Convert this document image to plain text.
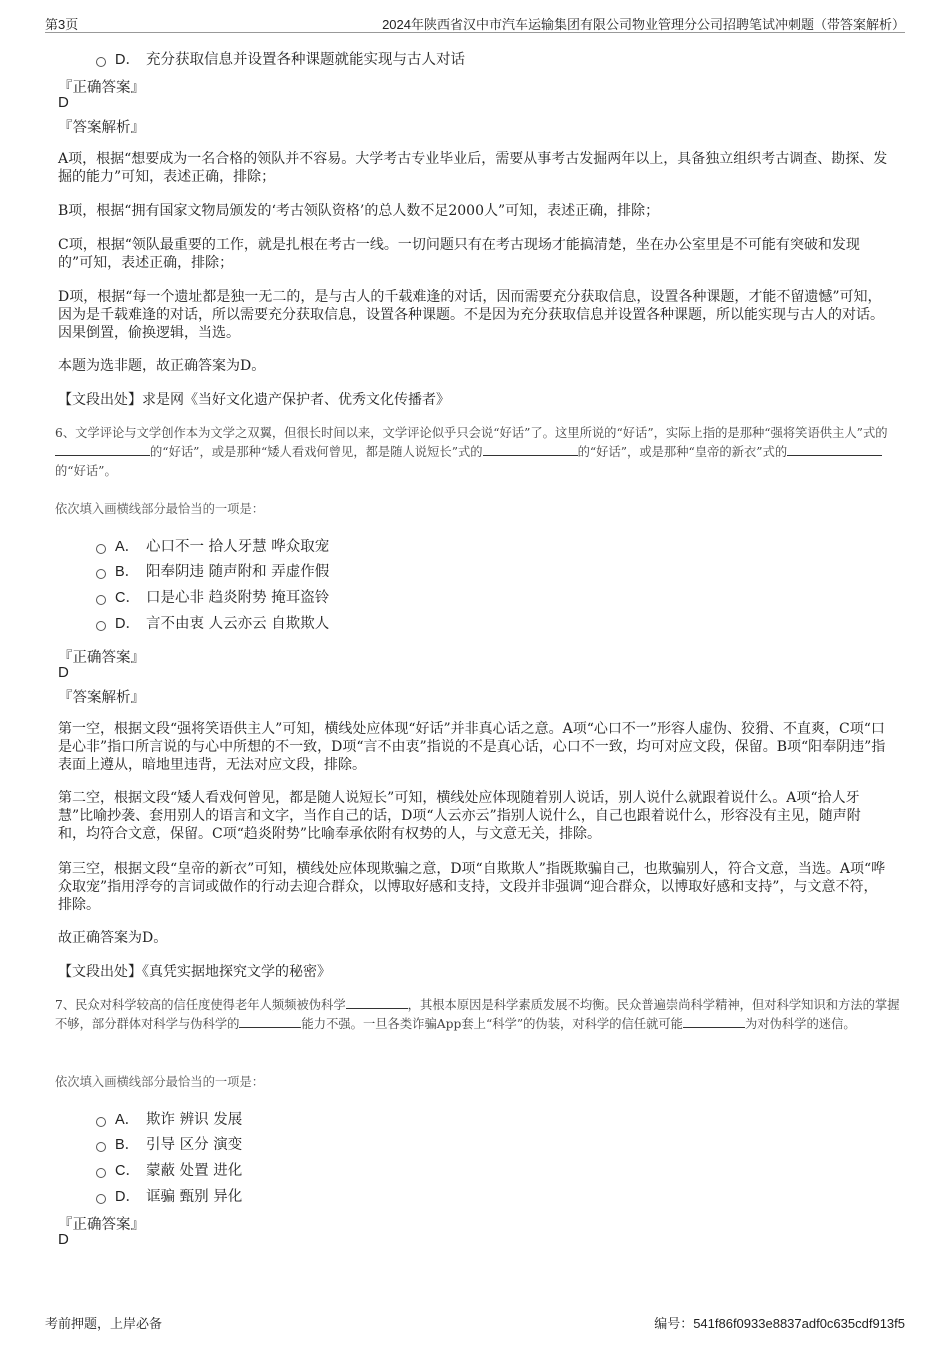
第3页	2024年陕西省汉中市汽车运输集团有限公司物业管理分公司招聘笔试冲刺题（带答案解析）
D． 充分获取信息并设置各种课题就能实现与古人对话
『正确答案』
D
『答案解析』
A项，根据“想要成为一名合格的领队并不容易。大学考古专业毕业后，需要从事考古发掘两年以上，具备独立组织考古调查、勘探、发掘的能力”可知，表述正确，排除；
B项，根据“拥有国家文物局颁发的‘考古领队资格’的总人数不足2000人”可知，表述正确，排除；
C项，根据“领队最重要的工作，就是扎根在考古一线。一切问题只有在考古现场才能搞清楚，坐在办公室里是不可能有突破和发现的”可知，表述正确，排除；
D项，根据“每一个遗址都是独一无二的，是与古人的千载难逢的对话，因而需要充分获取信息，设置各种课题，才能不留遗憾”可知，因为是千载难逢的对话，所以需要充分获取信息，设置各种课题。不是因为充分获取信息并设置各种课题，所以能实现与古人的对话。因果倒置，偷换逻辑，当选。
本题为选非题，故正确答案为D。
【文段出处】求是网《当好文化遗产保护者、优秀文化传播者》
6、文学评论与文学创作本为文学之双翼，但很长时间以来，文学评论似乎只会说“好话”了。这里所说的“好话”，实际上指的是那种“强将笑语供主人”式的的“好话”，或是那种“矮人看戏何曾见，都是随人说短长”式的	的“好话”，或是那种“皇帝的新衣”式的的“好话”。
依次填入画横线部分最恰当的一项是：
A． 心口不一 拾人牙慧 哗众取宠
B． 阳奉阴违 随声附和 弄虚作假
C． 口是心非 趋炎附势 掩耳盗铃
D． 言不由衷 人云亦云 自欺欺人
『正确答案』
D
『答案解析』
第一空，根据文段“强将笑语供主人”可知，横线处应体现“好话”并非真心话之意。A项“心口不一”形容人虚伪、狡猾、不直爽，C项“口是心非”指口所言说的与心中所想的不一致，D项“言不由衷”指说的不是真心话，心口不一致，均可对应文段，保留。B项“阳奉阴违”指表面上遵从，暗地里违背，无法对应文段，排除。
第二空，根据文段“矮人看戏何曾见，都是随人说短长”可知，横线处应体现随着别人说话，别人说什么就跟着说什么。A项“拾人牙慧”比喻抄袭、套用别人的语言和文字，当作自己的话，D项“人云亦云”指别人说什么，自己也跟着说什么，形容没有主见，随声附和，均符合文意，保留。C项“趋炎附势”比喻奉承依附有权势的人，与文意无关，排除。
第三空，根据文段“皇帝的新衣”可知，横线处应体现欺骗之意，D项“自欺欺人”指既欺骗自己，也欺骗别人，符合文意，当选。A项“哗众取宠”指用浮夸的言词或做作的行动去迎合群众，以博取好感和支持，文段并非强调“迎合群众，以博取好感和支持”，与文意不符，排除。
故正确答案为D。
【文段出处】《真凭实据地探究文学的秘密》
7、民众对科学较高的信任度使得老年人频频被伪科学	，其根本原因是科学素质发展不均衡。民众普遍崇尚科学精神，但对科学知识和方法的掌握不够，部分群体对科学与伪科学的	能力不强。一旦各类诈骗App套上“科学”的伪装，对科学的信任就可能	为对伪科学的迷信。
依次填入画横线部分最恰当的一项是：
A． 欺诈 辨识 发展
B． 引导 区分 演变
C． 蒙蔽 处置 进化
D． 诓骗 甄别 异化
『正确答案』
D
考前押题，上岸必备	编号：541f86f0933e8837adf0c635cdf913f5
